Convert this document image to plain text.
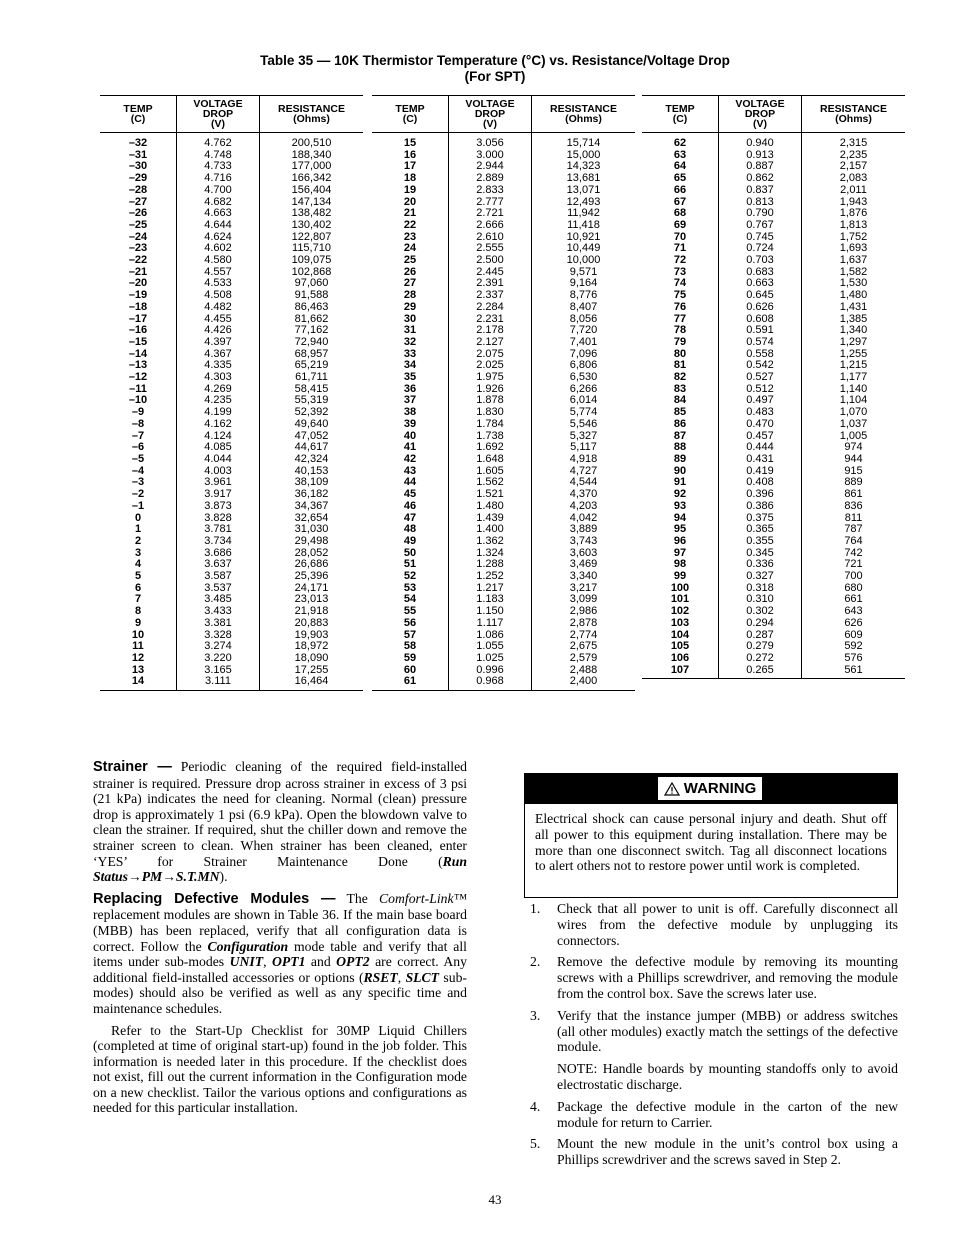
Table 35 — 10K Thermistor Temperature (°C) vs. Resistance/Voltage Drop
(For SPT)
TEMP
(C)	VOLTAGE
DROP
(V)	RESISTANCE
(Ohms)
–32	4.762	200,510
–31	4.748	188,340
–30	4.733	177,000
–29	4.716	166,342
–28	4.700	156,404
–27	4.682	147,134
–26	4.663	138,482
–25	4.644	130,402
–24	4.624	122,807
–23	4.602	115,710
–22	4.580	109,075
–21	4.557	102,868
–20	4.533	97,060
–19	4.508	91,588
–18	4.482	86,463
–17	4.455	81,662
–16	4.426	77,162
–15	4.397	72,940
–14	4.367	68,957
–13	4.335	65,219
–12	4.303	61,711
–11	4.269	58,415
–10	4.235	55,319
–9	4.199	52,392
–8	4.162	49,640
–7	4.124	47,052
–6	4.085	44,617
–5	4.044	42,324
–4	4.003	40,153
–3	3.961	38,109
–2	3.917	36,182
–1	3.873	34,367
0	3.828	32,654
1	3.781	31,030
2	3.734	29,498
3	3.686	28,052
4	3.637	26,686
5	3.587	25,396
6	3.537	24,171
7	3.485	23,013
8	3.433	21,918
9	3.381	20,883
10	3.328	19,903
11	3.274	18,972
12	3.220	18,090
13	3.165	17,255
14	3.111	16,464
TEMP
(C)	VOLTAGE
DROP
(V)	RESISTANCE
(Ohms)
15	3.056	15,714
16	3.000	15,000
17	2.944	14,323
18	2.889	13,681
19	2.833	13,071
20	2.777	12,493
21	2.721	11,942
22	2.666	11,418
23	2.610	10,921
24	2.555	10,449
25	2.500	10,000
26	2.445	9,571
27	2.391	9,164
28	2.337	8,776
29	2.284	8,407
30	2.231	8,056
31	2.178	7,720
32	2.127	7,401
33	2.075	7,096
34	2.025	6,806
35	1.975	6,530
36	1.926	6,266
37	1.878	6,014
38	1.830	5,774
39	1.784	5,546
40	1.738	5,327
41	1.692	5,117
42	1.648	4,918
43	1.605	4,727
44	1.562	4,544
45	1.521	4,370
46	1.480	4,203
47	1.439	4,042
48	1.400	3,889
49	1.362	3,743
50	1.324	3,603
51	1.288	3,469
52	1.252	3,340
53	1.217	3,217
54	1.183	3,099
55	1.150	2,986
56	1.117	2,878
57	1.086	2,774
58	1.055	2,675
59	1.025	2,579
60	0.996	2,488
61	0.968	2,400
TEMP
(C)	VOLTAGE
DROP
(V)	RESISTANCE
(Ohms)
62	0.940	2,315
63	0.913	2,235
64	0.887	2,157
65	0.862	2,083
66	0.837	2,011
67	0.813	1,943
68	0.790	1,876
69	0.767	1,813
70	0.745	1,752
71	0.724	1,693
72	0.703	1,637
73	0.683	1,582
74	0.663	1,530
75	0.645	1,480
76	0.626	1,431
77	0.608	1,385
78	0.591	1,340
79	0.574	1,297
80	0.558	1,255
81	0.542	1,215
82	0.527	1,177
83	0.512	1,140
84	0.497	1,104
85	0.483	1,070
86	0.470	1,037
87	0.457	1,005
88	0.444	974
89	0.431	944
90	0.419	915
91	0.408	889
92	0.396	861
93	0.386	836
94	0.375	811
95	0.365	787
96	0.355	764
97	0.345	742
98	0.336	721
99	0.327	700
100	0.318	680
101	0.310	661
102	0.302	643
103	0.294	626
104	0.287	609
105	0.279	592
106	0.272	576
107	0.265	561

Strainer — Periodic cleaning of the required field-installed strainer is required. Pressure drop across strainer in excess of 3 psi (21 kPa) indicates the need for cleaning. Normal (clean) pressure drop is approximately 1 psi (6.9 kPa). Open the blowdown valve to clean the strainer. If required, shut the chiller down and remove the strainer screen to clean. When strainer has been cleaned, enter ‘YES’ for Strainer Maintenance Done (Run Status→PM→S.T.MN).

Replacing Defective Modules — The Comfort-Link™ replacement modules are shown in Table 36. If the main base board (MBB) has been replaced, verify that all configuration data is correct. Follow the Configuration mode table and verify that all items under sub-modes UNIT, OPT1 and OPT2 are correct. Any additional field-installed accessories or options (RSET, SLCT sub-modes) should also be verified as well as any specific time and maintenance schedules.

Refer to the Start-Up Checklist for 30MP Liquid Chillers (completed at time of original start-up) found in the job folder. This information is needed later in this procedure. If the checklist does not exist, fill out the current information in the Configuration mode on a new checklist. Tailor the various options and configurations as needed for this particular installation.

WARNING
Electrical shock can cause personal injury and death. Shut off all power to this equipment during installation. There may be more than one disconnect switch. Tag all disconnect locations to alert others not to restore power until work is completed.
1. Check that all power to unit is off. Carefully disconnect all wires from the defective module by unplugging its connectors.
2. Remove the defective module by removing its mounting screws with a Phillips screwdriver, and removing the module from the control box. Save the screws later use.
3. Verify that the instance jumper (MBB) or address switches (all other modules) exactly match the settings of the defective module.
NOTE: Handle boards by mounting standoffs only to avoid electrostatic discharge.
4. Package the defective module in the carton of the new module for return to Carrier.
5. Mount the new module in the unit’s control box using a Phillips screwdriver and the screws saved in Step 2.
43
